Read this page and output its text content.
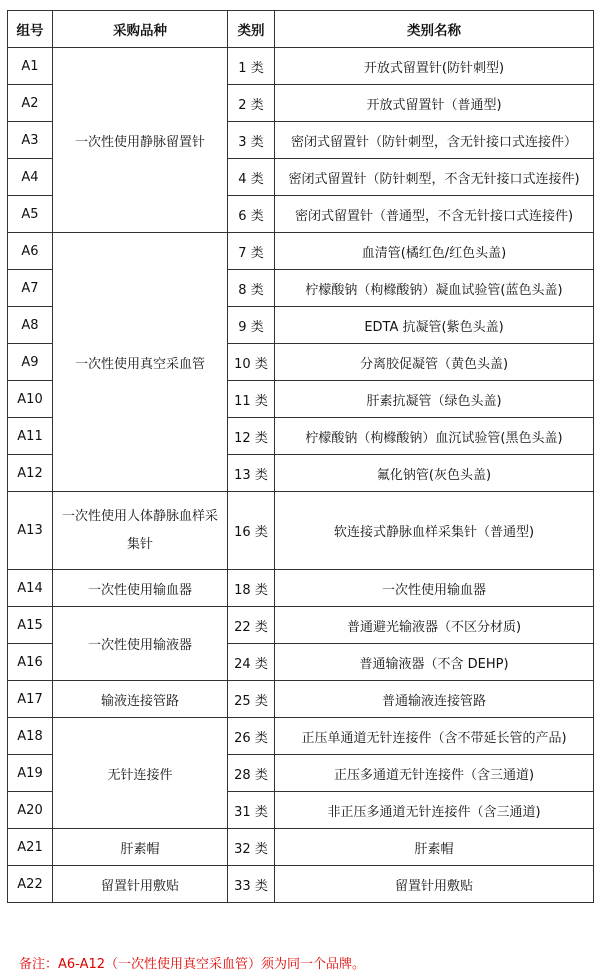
组号	采购品种	类别	类别名称
A1	一次性使用静脉留置针	1 类	开放式留置针(防针刺型)
A2		2 类	开放式留置针（普通型)
A3		3 类	密闭式留置针（防针刺型，含无针接口式连接件）
A4		4 类	密闭式留置针（防针刺型，不含无针接口式连接件)
A5		6 类	密闭式留置针（普通型，不含无针接口式连接件)
A6	一次性使用真空采血管	7 类	血清管(橘红色/红色头盖)
A7		8 类	柠檬酸钠（枸橼酸钠）凝血试验管(蓝色头盖)
A8		9 类	EDTA 抗凝管(紫色头盖)
A9		10 类	分离胶促凝管（黄色头盖)
A10		11 类	肝素抗凝管（绿色头盖)
A11		12 类	柠檬酸钠（枸橼酸钠）血沉试验管(黑色头盖)
A12		13 类	氟化钠管(灰色头盖)
A13	一次性使用人体静脉血样采集针	16 类	软连接式静脉血样采集针（普通型)
A14	一次性使用输血器	18 类	一次性使用输血器
A15	一次性使用输液器	22 类	普通避光输液器（不区分材质)
A16		24 类	普通输液器（不含 DEHP)
A17	输液连接管路	25 类	普通输液连接管路
A18	无针连接件	26 类	正压单通道无针连接件（含不带延长管的产品)
A19		28 类	正压多通道无针连接件（含三通道)
A20		31 类	非正压多通道无针连接件（含三通道)
A21	肝素帽	32 类	肝素帽
A22	留置针用敷贴	33 类	留置针用敷贴
备注：A6-A12（一次性使用真空采血管）须为同一个品牌。
